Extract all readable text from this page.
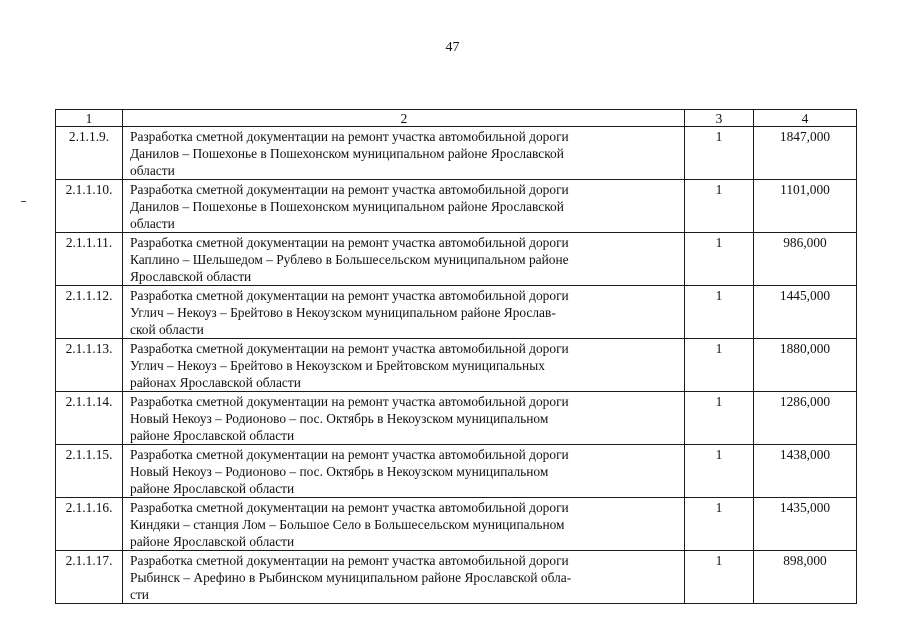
47
1	2	3	4
2.1.1.9.	Разработка сметной документации на ремонт участка автомобильной дороги
Данилов – Пошехонье в Пошехонском муниципальном районе Ярославской
области	1	1847,000
2.1.1.10.	Разработка сметной документации на ремонт участка автомобильной дороги
Данилов – Пошехонье в Пошехонском муниципальном районе Ярославской
области	1	1101,000
2.1.1.11.	Разработка сметной документации на ремонт участка автомобильной дороги
Каплино – Шельшедом – Рублево в Большесельском муниципальном районе
Ярославской области	1	986,000
2.1.1.12.	Разработка сметной документации на ремонт участка автомобильной дороги
Углич – Некоуз – Брейтово в Некоузском муниципальном районе Ярослав-
ской области	1	1445,000
2.1.1.13.	Разработка сметной документации на ремонт участка автомобильной дороги
Углич – Некоуз – Брейтово в Некоузском и Брейтовском муниципальных
районах Ярославской области	1	1880,000
2.1.1.14.	Разработка сметной документации на ремонт участка автомобильной дороги
Новый Некоуз – Родионово – пос. Октябрь в Некоузском муниципальном
районе Ярославской области	1	1286,000
2.1.1.15.	Разработка сметной документации на ремонт участка автомобильной дороги
Новый Некоуз – Родионово – пос. Октябрь в Некоузском муниципальном
районе Ярославской области	1	1438,000
2.1.1.16.	Разработка сметной документации на ремонт участка автомобильной дороги
Киндяки – станция Лом – Большое Село в Большесельском муниципальном
районе Ярославской области	1	1435,000
2.1.1.17.	Разработка сметной документации на ремонт участка автомобильной дороги
Рыбинск – Арефино в Рыбинском муниципальном районе Ярославской обла-
сти	1	898,000
